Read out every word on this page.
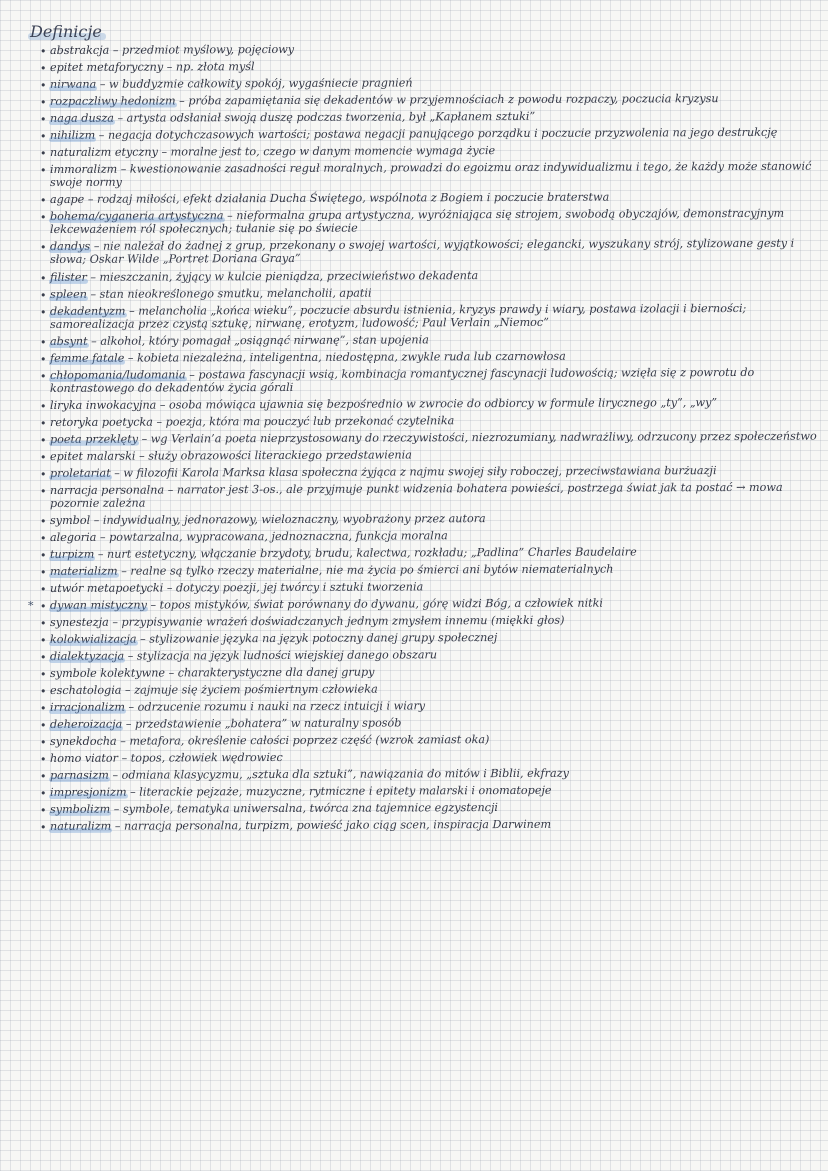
Definicje
• abstrakcja – przedmiot myślowy, pojęciowy
• epitet metaforyczny – np. złota myśl
• nirwana – w buddyzmie całkowity spokój, wygaśniecie pragnień
• rozpaczliwy hedonizm – próba zapamiętania się dekadentów w przyjemnościach z powodu rozpaczy, poczucia kryzysu
• naga dusza – artysta odsłaniał swoją duszę podczas tworzenia, był „Kapłanem sztuki”
• nihilizm – negacja dotychczasowych wartości; postawa negacji panującego porządku i poczucie przyzwolenia na jego destrukcję
• naturalizm etyczny – moralne jest to, czego w danym momencie wymaga życie
• immoralizm – kwestionowanie zasadności reguł moralnych, prowadzi do egoizmu oraz indywidualizmu i tego, że każdy może stanowić swoje normy
• agape – rodzaj miłości, efekt działania Ducha Świętego, wspólnota z Bogiem i poczucie braterstwa
• bohema/cyganeria artystyczna – nieformalna grupa artystyczna, wyróżniająca się strojem, swobodą obyczajów, demonstracyjnym lekceważeniem ról społecznych; tułanie się po świecie
• dandys – nie należał do żadnej z grup, przekonany o swojej wartości, wyjątkowości; elegancki, wyszukany strój, stylizowane gesty i słowa; Oskar Wilde „Portret Doriana Graya”
• filister – mieszczanin, żyjący w kulcie pieniądza, przeciwieństwo dekadenta
• spleen – stan nieokreślonego smutku, melancholii, apatii
• dekadentyzm – melancholia „końca wieku”, poczucie absurdu istnienia, kryzys prawdy i wiary, postawa izolacji i bierności; samorealizacja przez czystą sztukę, nirwanę, erotyzm, ludowość; Paul Verlain „Niemoc”
• absynt – alkohol, który pomagał „osiągnąć nirwanę”, stan upojenia
• femme fatale – kobieta niezależna, inteligentna, niedostępna, zwykle ruda lub czarnowłosa
• chłopomania/ludomania – postawa fascynacji wsią, kombinacja romantycznej fascynacji ludowością; wzięła się z powrotu do kontrastowego do dekadentów życia górali
• liryka inwokacyjna – osoba mówiąca ujawnia się bezpośrednio w zwrocie do odbiorcy w formule lirycznego „ty”, „wy”
• retoryka poetycka – poezja, która ma pouczyć lub przekonać czytelnika
• poeta przeklęty – wg Verlain’a poeta nieprzystosowany do rzeczywistości, niezrozumiany, nadwrażliwy, odrzucony przez społeczeństwo
• epitet malarski – służy obrazowości literackiego przedstawienia
• proletariat – w filozofii Karola Marksa klasa społeczna żyjąca z najmu swojej siły roboczej, przeciwstawiana burżuazji
• narracja personalna – narrator jest 3-os., ale przyjmuje punkt widzenia bohatera powieści, postrzega świat jak ta postać → mowa pozornie zależna
• symbol – indywidualny, jednorazowy, wieloznaczny, wyobrażony przez autora
• alegoria – powtarzalna, wypracowana, jednoznaczna, funkcja moralna
• turpizm – nurt estetyczny, włączanie brzydoty, brudu, kalectwa, rozkładu; „Padlina” Charles Baudelaire
• materializm – realne są tylko rzeczy materialne, nie ma życia po śmierci ani bytów niematerialnych
• utwór metapoetycki – dotyczy poezji, jej twórcy i sztuki tworzenia
•
* dywan mistyczny – topos mistyków, świat porównany do dywanu, górę widzi Bóg, a człowiek nitki
• synestezja – przypisywanie wrażeń doświadczanych jednym zmysłem innemu (miękki głos)
• kolokwializacja – stylizowanie języka na język potoczny danej grupy społecznej
• dialektyzacja – stylizacja na język ludności wiejskiej danego obszaru
• symbole kolektywne – charakterystyczne dla danej grupy
• eschatologia – zajmuje się życiem pośmiertnym człowieka
• irracjonalizm – odrzucenie rozumu i nauki na rzecz intuicji i wiary
• deheroizacja – przedstawienie „bohatera” w naturalny sposób
• synekdocha – metafora, określenie całości poprzez część (wzrok zamiast oka)
• homo viator – topos, człowiek wędrowiec
• parnasizm – odmiana klasycyzmu, „sztuka dla sztuki”, nawiązania do mitów i Biblii, ekfrazy
• impresjonizm – literackie pejzaże, muzyczne, rytmiczne i epitety malarski i onomatopeje
• symbolizm – symbole, tematyka uniwersalna, twórca zna tajemnice egzystencji
• naturalizm – narracja personalna, turpizm, powieść jako ciąg scen, inspiracja Darwinem
